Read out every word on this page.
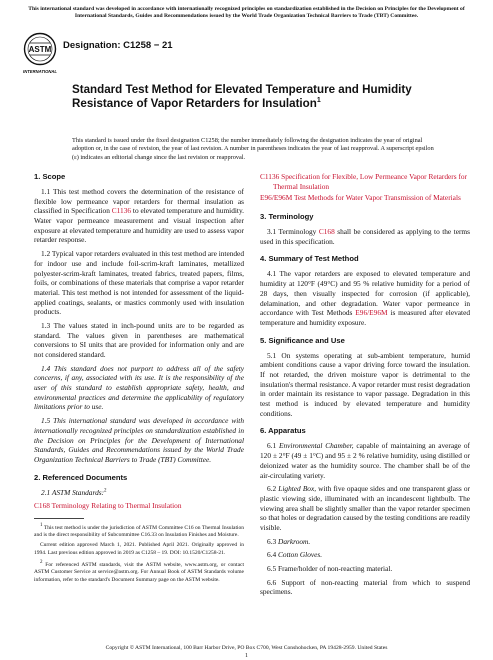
This international standard was developed in accordance with internationally recognized principles on standardization established in the Decision on Principles for the Development of International Standards, Guides and Recommendations issued by the World Trade Organization Technical Barriers to Trade (TBT) Committee.
ASTM
INTERNATIONAL
Designation: C1258 − 21
Standard Test Method for Elevated Temperature and Humidity Resistance of Vapor Retarders for Insulation$^1$
This standard is issued under the fixed designation C1258; the number immediately following the designation indicates the year of original adoption or, in the case of revision, the year of last revision. A number in parentheses indicates the year of last reapproval. A superscript epsilon (ε) indicates an editorial change since the last revision or reapproval.
1. Scope

1.1 This test method covers the determination of the resistance of flexible low permeance vapor retarders for thermal insulation as classified in Specification C1136 to elevated temperature and humidity. Water vapor permeance measurement and visual inspection after exposure at elevated temperature and humidity are used to assess vapor retarder response.

1.2 Typical vapor retarders evaluated in this test method are intended for indoor use and include foil-scrim-kraft laminates, metallized polyester-scrim-kraft laminates, treated fabrics, treated papers, films, foils, or combinations of these materials that comprise a vapor retarder material. This test method is not intended for assessment of the liquid-applied coatings, sealants, or mastics commonly used with insulation products.

1.3 The values stated in inch-pound units are to be regarded as standard. The values given in parentheses are mathematical conversions to SI units that are provided for information only and are not considered standard.

1.4 This standard does not purport to address all of the safety concerns, if any, associated with its use. It is the responsibility of the user of this standard to establish appropriate safety, health, and environmental practices and determine the applicability of regulatory limitations prior to use.

1.5 This international standard was developed in accordance with internationally recognized principles on standardization established in the Decision on Principles for the Development of International Standards, Guides and Recommendations issued by the World Trade Organization Technical Barriers to Trade (TBT) Committee.

2. Referenced Documents

2.1 ASTM Standards:$^2$

C168 Terminology Relating to Thermal Insulation
$^1$ This test method is under the jurisdiction of ASTM Committee C16 on Thermal Insulation and is the direct responsibility of Subcommittee C16.33 on Insulation Finishes and Moisture.
Current edition approved March 1, 2021. Published April 2021. Originally approved in 1994. Last previous edition approved in 2019 as C1258 – 19. DOI: 10.1520/C1258-21.
$^2$ For referenced ASTM standards, visit the ASTM website, www.astm.org, or contact ASTM Customer Service at service@astm.org. For Annual Book of ASTM Standards volume information, refer to the standard's Document Summary page on the ASTM website.
C1136 Specification for Flexible, Low Permeance Vapor Retarders for Thermal Insulation
E96/E96M Test Methods for Water Vapor Transmission of Materials
3. Terminology

3.1 Terminology C168 shall be considered as applying to the terms used in this specification.

4. Summary of Test Method

4.1 The vapor retarders are exposed to elevated temperature and humidity at 120°F (49°C) and 95 % relative humidity for a period of 28 days, then visually inspected for corrosion (if applicable), delamination, and other degradation. Water vapor permeance in accordance with Test Methods E96/E96M is measured after elevated temperature and humidity exposure.

5. Significance and Use

5.1 On systems operating at sub-ambient temperature, humid ambient conditions cause a vapor driving force toward the insulation. If not retarded, the driven moisture vapor is detrimental to the insulation's thermal resistance. A vapor retarder must resist degradation in order maintain its resistance to vapor passage. Degradation in this test method is induced by elevated temperature and humidity conditions.

6. Apparatus

6.1 Environmental Chamber, capable of maintaining an average of 120 ± 2°F (49 ± 1°C) and 95 ± 2 % relative humidity, using distilled or deionized water as the humidity source. The chamber shall be of the air-circulating variety.

6.2 Lighted Box, with five opaque sides and one transparent glass or plastic viewing side, illuminated with an incandescent lightbulb. The viewing area shall be slightly smaller than the vapor retarder specimen so that holes or degradation caused by the testing conditions are readily visible.

6.3 Darkroom.

6.4 Cotton Gloves.

6.5 Frame/holder of non-reacting material.

6.6 Support of non-reacting material from which to suspend specimens.

Copyright © ASTM International, 100 Barr Harbor Drive, PO Box C700, West Conshohocken, PA 19428-2959. United States
1
